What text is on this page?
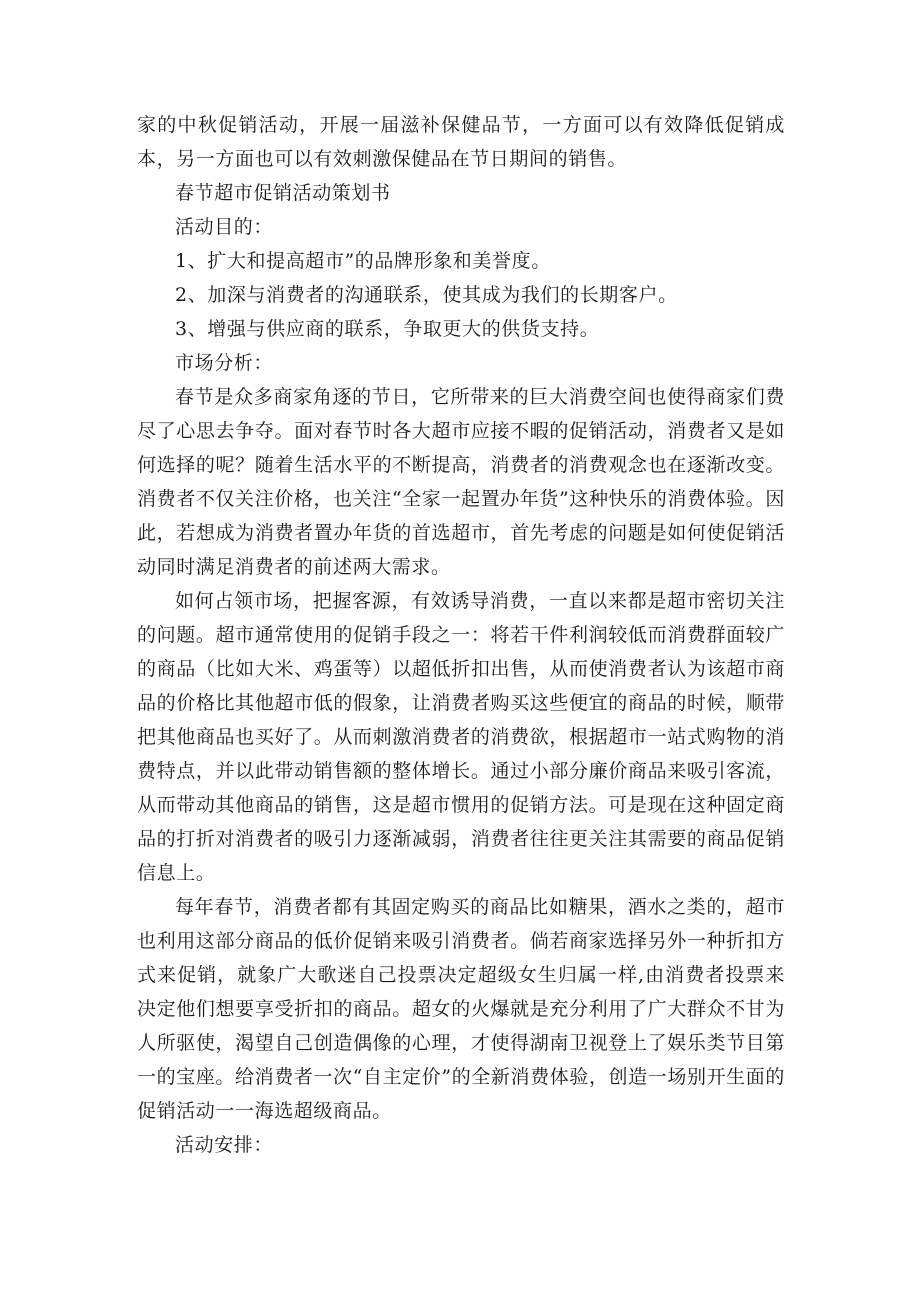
家的中秋促销活动，开展一届滋补保健品节，一方面可以有效降低促销成本，另一方面也可以有效刺激保健品在节日期间的销售。

春节超市促销活动策划书

活动目的：

1、扩大和提高超市”的品牌形象和美誉度。

2、加深与消费者的沟通联系，使其成为我们的长期客户。

3、增强与供应商的联系，争取更大的供货支持。

市场分析：

春节是众多商家角逐的节日，它所带来的巨大消费空间也使得商家们费尽了心思去争夺。面对春节时各大超市应接不暇的促销活动，消费者又是如何选择的呢？随着生活水平的不断提高，消费者的消费观念也在逐渐改变。消费者不仅关注价格，也关注“全家一起置办年货”这种快乐的消费体验。因此，若想成为消费者置办年货的首选超市，首先考虑的问题是如何使促销活动同时满足消费者的前述两大需求。

如何占领市场，把握客源，有效诱导消费，一直以来都是超市密切关注的问题。超市通常使用的促销手段之一：将若干件利润较低而消费群面较广的商品（比如大米、鸡蛋等）以超低折扣出售，从而使消费者认为该超市商品的价格比其他超市低的假象，让消费者购买这些便宜的商品的时候，顺带把其他商品也买好了。从而刺激消费者的消费欲，根据超市一站式购物的消费特点，并以此带动销售额的整体增长。通过小部分廉价商品来吸引客流，从而带动其他商品的销售，这是超市惯用的促销方法。可是现在这种固定商品的打折对消费者的吸引力逐渐减弱，消费者往往更关注其需要的商品促销信息上。

每年春节，消费者都有其固定购买的商品比如糖果，酒水之类的，超市也利用这部分商品的低价促销来吸引消费者。倘若商家选择另外一种折扣方式来促销，就象广大歌迷自己投票决定超级女生归属一样,由消费者投票来决定他们想要享受折扣的商品。超女的火爆就是充分利用了广大群众不甘为人所驱使，渴望自己创造偶像的心理，才使得湖南卫视登上了娱乐类节目第一的宝座。给消费者一次“自主定价”的全新消费体验，创造一场别开生面的促销活动一一海选超级商品。

活动安排：
